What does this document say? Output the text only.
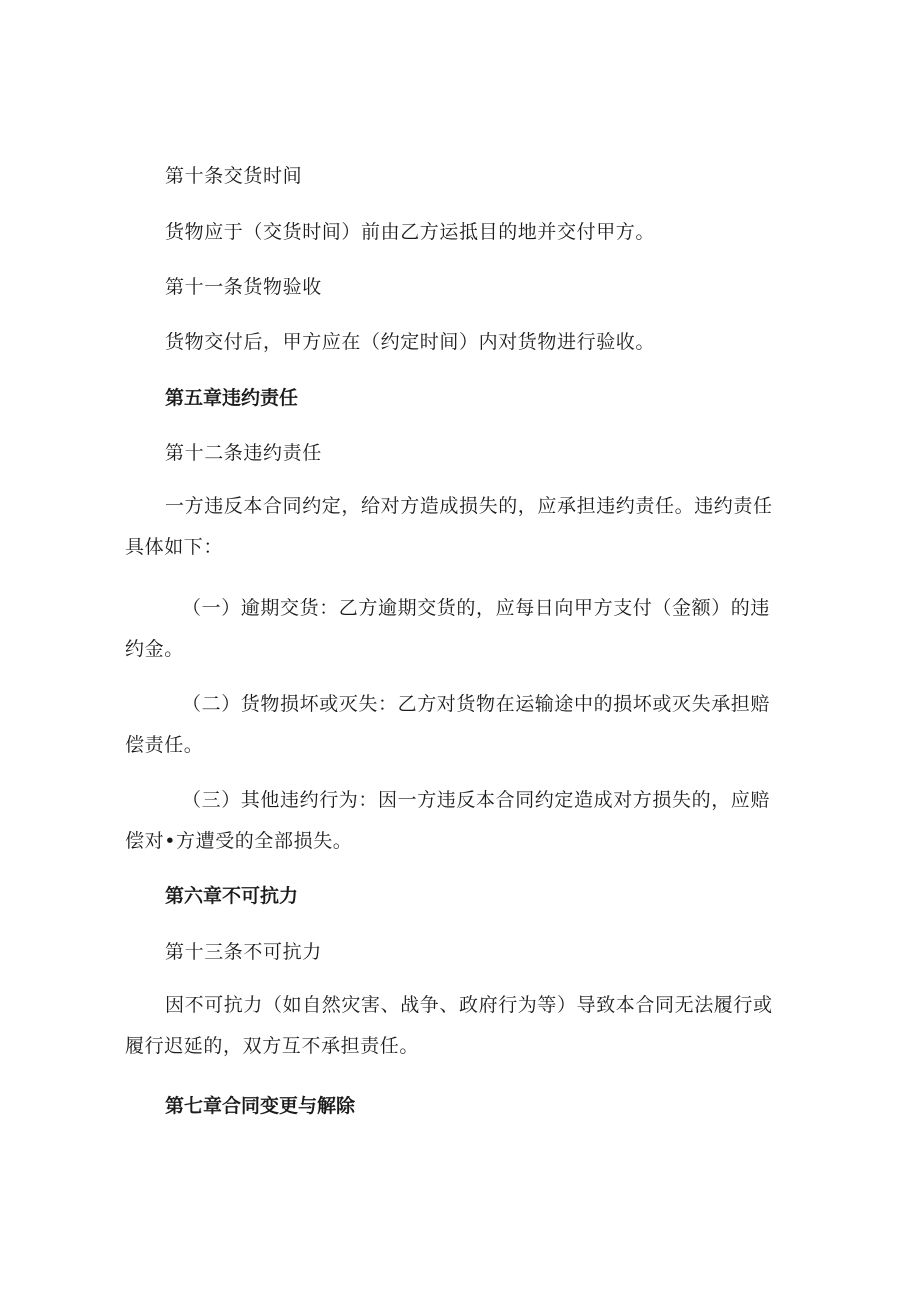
第十条交货时间
货物应于（交货时间）前由乙方运抵目的地并交付甲方。
第十一条货物验收
货物交付后，甲方应在（约定时间）内对货物进行验收。
第五章违约责任
第十二条违约责任

一方违反本合同约定，给对方造成损失的，应承担违约责任。违约责任具体如下：

（一）逾期交货：乙方逾期交货的，应每日向甲方支付（金额）的违约金。

（二）货物损坏或灭失：乙方对货物在运输途中的损坏或灭失承担赔偿责任。

（三）其他违约行为：因一方违反本合同约定造成对方损失的，应赔偿对•方遭受的全部损失。

第六章不可抗力
第十三条不可抗力

因不可抗力（如自然灾害、战争、政府行为等）导致本合同无法履行或履行迟延的，双方互不承担责任。

第七章合同变更与解除
